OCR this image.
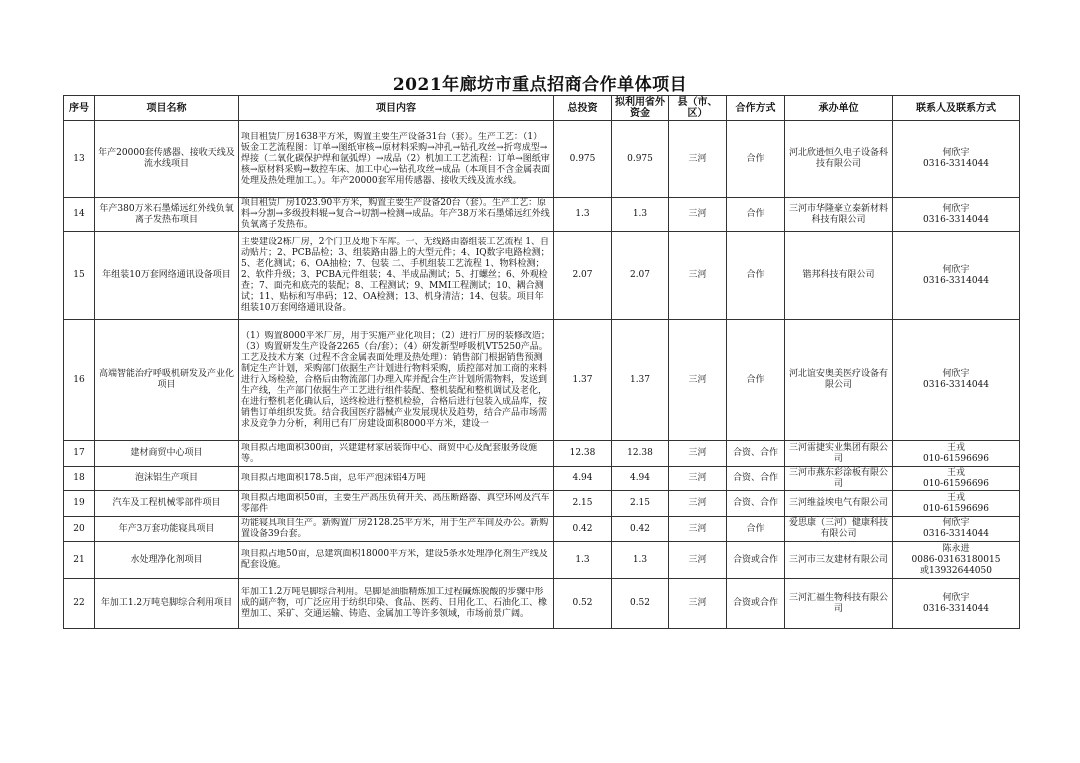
2021年廊坊市重点招商合作单体项目
序号	项目名称	项目内容	总投资	拟利用省外资金	县（市、区）	合作方式	承办单位	联系人及联系方式
13	年产20000套传感器、接收天线及流水线项目	项目租赁厂房1638平方米，购置主要生产设备31台（套）。生产工艺：（1）钣金工艺流程图：订单→图纸审核→原材料采购→冲孔→钻孔攻丝→折弯成型→焊接（二氧化碳保护焊和氩弧焊）→成品（2）机加工工艺流程：订单→图纸审核→原材料采购→数控车床、加工中心→钻孔攻丝→成品（本项目不含金属表面处理及热处理加工。）。年产20000套军用传感器、接收天线及流水线。	0.975	0.975	三河	合作	河北欣逊恒久电子设备科技有限公司	何欣宇
0316-3314044

14	年产380万米石墨烯远红外线负氧离子发热布项目	项目租赁厂房1023.90平方米，购置主要生产设备20台（套）。生产工艺：原料→分割→多级投料辊→复合→切割→检测→成品。年产38万米石墨烯远红外线负氧离子发热布。	1.3	1.3	三河	合作	三河市华隆豪立泰新材料科技有限公司	何欣宇
0316-3314044

15	年组装10万套网络通讯设备项目	主要建设2栋厂房，2个门卫及地下车库。一、无线路由器组装工艺流程 1、自动贴片；2、PCB品检；3、组装路由器上的大型元件；4、IQ数字电路检测；5、老化测试；6、OA抽检；7、包装 二、手机组装工艺流程 1、物料检测；2、软件升级；3、PCBA元件组装；4、半成品测试；5、打螺丝；6、外观检查；7、面壳和底壳的装配；8、工程测试；9、MMI工程测试；10、耦合测试；11、贴标和写串码；12、OA检测；13、机身清洁；14、包装。项目年组装10万套网络通讯设备。	2.07	2.07	三河	合作	锴邦科技有限公司	何欣宇
0316-3314044

16	高端智能治疗呼吸机研发及产业化项目	（1）购置8000平米厂房，用于实施产业化项目；（2）进行厂房的装修改造；（3）购置研发生产设备2265（台/套）；（4）研发新型呼吸机VT5250产品。工艺及技术方案（过程不含金属表面处理及热处理）：销售部门根据销售预测制定生产计划，采购部门依据生产计划进行物料采购，质控部对加工商的来料进行入场检验，合格后由物流部门办理入库并配合生产计划所需物料，发送到生产线，生产部门依据生产工艺进行组件装配、整机装配和整机调试及老化，在进行整机老化确认后，送终检进行整机检验，合格后进行包装入成品库，按销售订单组织发货。结合我国医疗器械产业发展现状及趋势，结合产品市场需求及竞争力分析，利用已有厂房建设面积8000平方米，建设一	1.37	1.37	三河	合作	河北谊安奥美医疗设备有限公司	何欣宇
0316-3314044

17	建材商贸中心项目	项目拟占地面积300亩，兴建建材家居装饰中心、商贸中心及配套服务设施等。	12.38	12.38	三河	合资、合作	三河雷捷实业集团有限公司	王戎
010-61596696

18	泡沫铝生产项目	项目拟占地面积178.5亩，总年产泡沫铝4万吨	4.94	4.94	三河	合资、合作	三河市燕东彩涂板有限公司	王戎
010-61596696

19	汽车及工程机械零部件项目	项目拟占地面积50亩，主要生产高压负荷开关、高压断路器、真空环网及汽车零部件	2.15	2.15	三河	合资、合作	三河维益埃电气有限公司	王戎
010-61596696

20	年产3万套功能寝具项目	功能寝具项目生产。新购置厂房2128.25平方米，用于生产车间及办公。新购置设备39台套。	0.42	0.42	三河	合作	爱思康（三河）健康科技有限公司	何欣宇
0316-3314044

21	水处理净化剂项目	项目拟占地50亩，总建筑面积18000平方米，建设5条水处理净化剂生产线及配套设施。	1.3	1.3	三河	合资或合作	三河市三友建材有限公司	陈永进
0086-03163180015
或13932644050

22	年加工1.2万吨皂脚综合利用项目	年加工1.2万吨皂脚综合利用。皂脚是油脂精炼加工过程碱炼脱酸的步骤中形成的副产物，可广泛应用于纺织印染、食品、医药、日用化工、石油化工、橡塑加工、采矿、交通运输、铸造、金属加工等许多领域，市场前景广阔。	0.52	0.52	三河	合资或合作	三河汇福生物科技有限公司	何欣宇
0316-3314044
